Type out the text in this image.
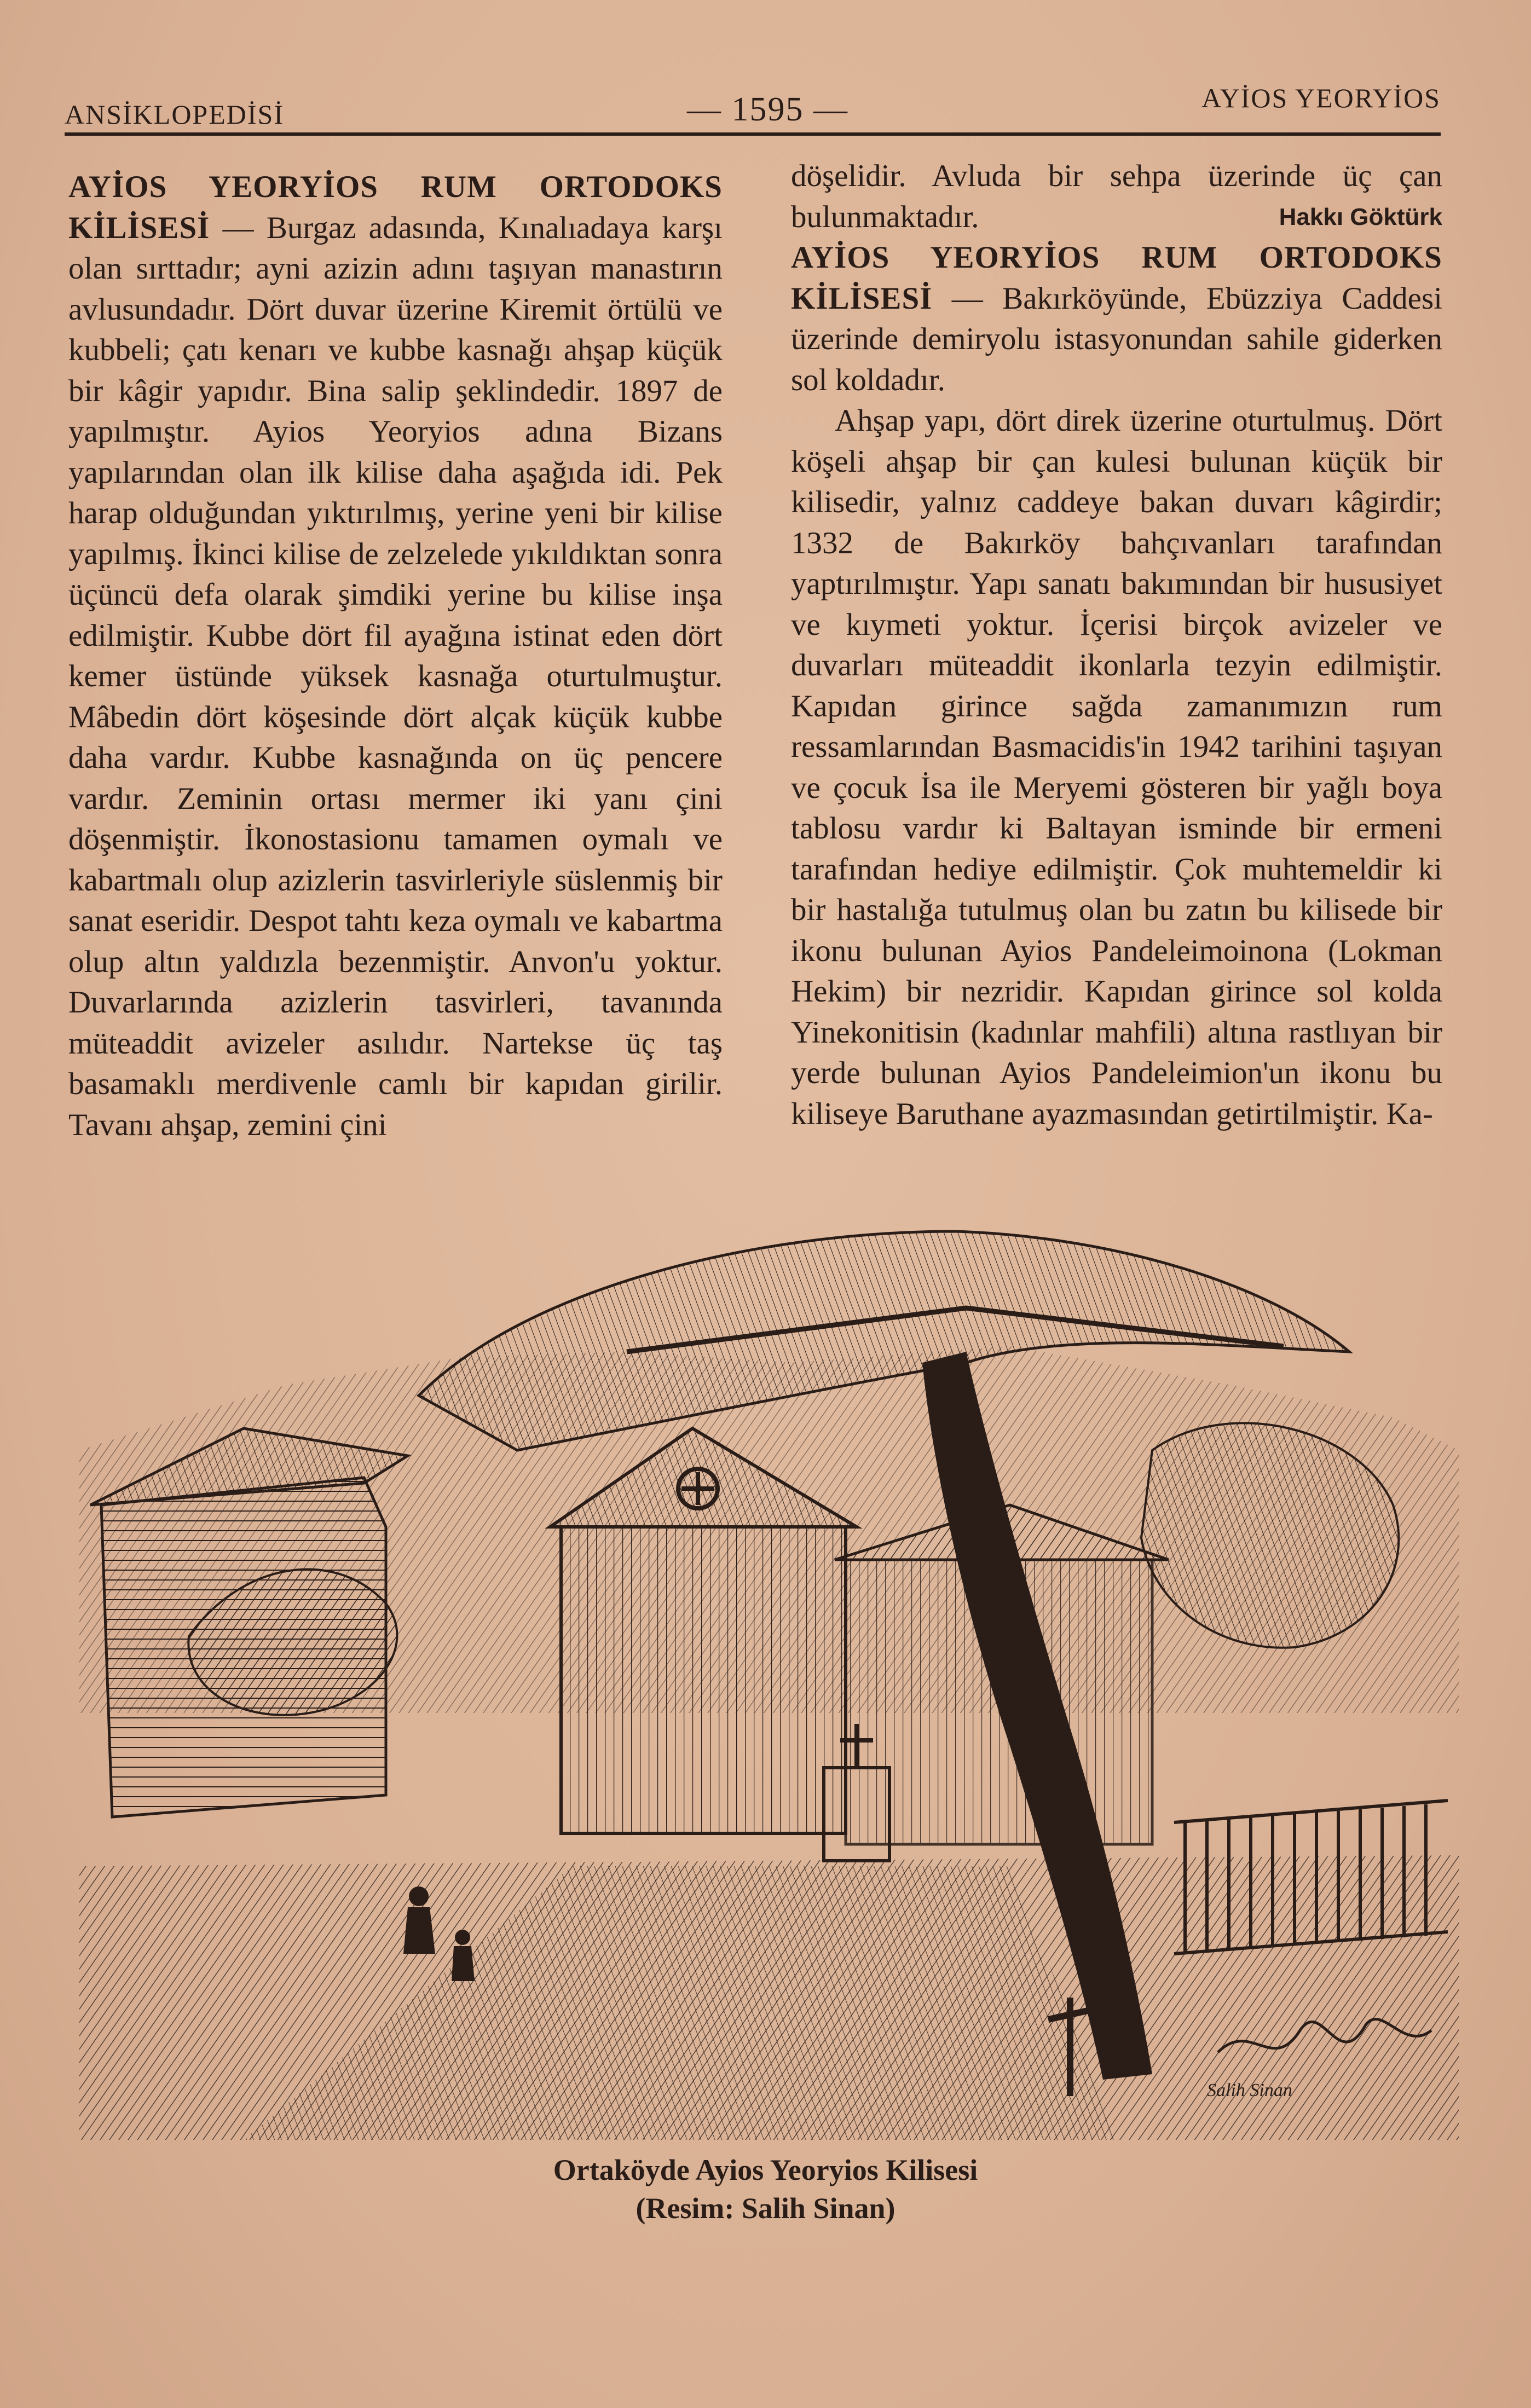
ANSİKLOPEDİSİ	— 1595 —	AYİOS YEORYİOS

AYİOS YEORYİOS RUM ORTODOKS KİLİSESİ — Burgaz adasında, Kınalıadaya karşı olan sırttadır; ayni azizin adını taşıyan manastırın avlusundadır. Dört duvar üzerine Kiremit örtülü ve kubbeli; çatı kenarı ve kubbe kasnağı ahşap küçük bir kâgir yapıdır. Bina salip şeklindedir. 1897 de yapılmıştır. Ayios Yeoryios adına Bizans yapılarından olan ilk kilise daha aşağıda idi. Pek harap olduğundan yıktırılmış, yerine yeni bir kilise yapılmış. İkinci kilise de zelzelede yıkıldıktan sonra üçüncü defa olarak şimdiki yerine bu kilise inşa edilmiştir. Kubbe dört fil ayağına istinat eden dört kemer üstünde yüksek kasnağa oturtulmuştur. Mâbedin dört köşesinde dört alçak küçük kubbe daha vardır. Kubbe kasnağında on üç pencere vardır. Zeminin ortası mermer iki yanı çini döşenmiştir. İkonostasionu tamamen oymalı ve kabartmalı olup azizlerin tasvirleriyle süslenmiş bir sanat eseridir. Despot tahtı keza oymalı ve kabartma olup altın yaldızla bezenmiştir. Anvon'u yoktur. Duvarlarında azizlerin tasvirleri, tavanında müteaddit avizeler asılıdır. Nartekse üç taş basamaklı merdivenle camlı bir kapıdan girilir. Tavanı ahşap, zemini çini

döşelidir. Avluda bir sehpa üzerinde üç çan bulunmaktadır.	Hakkı Göktürk

AYİOS YEORYİOS RUM ORTODOKS KİLİSESİ — Bakırköyünde, Ebüzziya Caddesi üzerinde demiryolu istasyonundan sahile giderken sol koldadır.

Ahşap yapı, dört direk üzerine oturtulmuş. Dört köşeli ahşap bir çan kulesi bulunan küçük bir kilisedir, yalnız caddeye bakan duvarı kâgirdir; 1332 de Bakırköy bahçıvanları tarafından yaptırılmıştır. Yapı sanatı bakımından bir hususiyet ve kıymeti yoktur. İçerisi birçok avizeler ve duvarları müteaddit ikonlarla tezyin edilmiştir. Kapıdan girince sağda zamanımızın rum ressamlarından Basmacidis'in 1942 tarihini taşıyan ve çocuk İsa ile Meryemi gösteren bir yağlı boya tablosu vardır ki Baltayan isminde bir ermeni tarafından hediye edilmiştir. Çok muhtemeldir ki bir hastalığa tutulmuş olan bu zatın bu kilisede bir ikonu bulunan Ayios Pandeleimoinona (Lokman Hekim) bir nezridir. Kapıdan girince sol kolda Yinekonitisin (kadınlar mahfili) altına rastlıyan bir yerde bulunan Ayios Pandeleimion'un ikonu bu kiliseye Baruthane ayazmasından getirtilmiştir. Ka-

Salih Sinan
Ortaköyde Ayios Yeoryios Kilisesi
(Resim: Salih Sinan)
